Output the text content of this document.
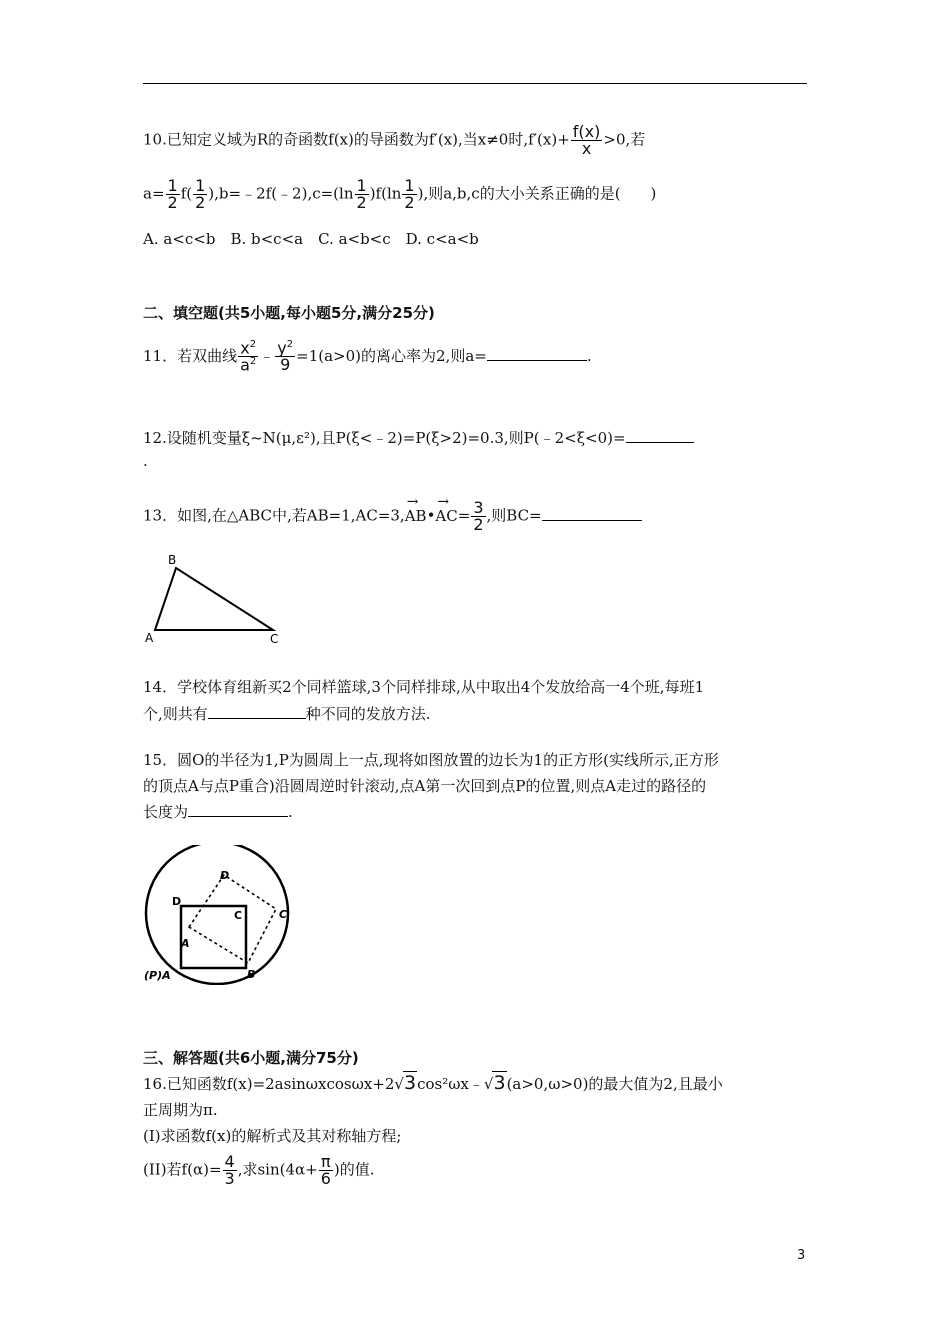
10.已知定义域为R的奇函数f(x)的导函数为f′(x),当x≠0时$,f'(x)+ \frac{f(x)}{x} >0$,若
$a= \frac{1}{2} f( \frac{1}{2}$ ),b=﹣2f(﹣2),c=(ln $\frac{1}{2} )f(\ln \frac{1}{2}$ ),则a,b,c的大小关系正确的是(　　)
A. a<c<b　B. b<c<a　C. a<b<c　D. c<a<b
二、填空题(共5小题,每小题5分,满分25分)
11．若双曲线 $\frac{x^2}{a^2}$ ﹣ $\frac{y^2}{9} =1(a>0)$的离心率为2,则a=	.
12.设随机变量ξ~N(μ,ε²),且P(ξ<﹣2)=P(ξ>2)=0.3,则P(﹣2<ξ<0)=
.
13．如图,在△ABC中,若AB=1,AC=3,→ AB•→ $AC= \frac{3}{2}$ ,则BC=
A
B
C
14．学校体育组新买2个同样篮球,3个同样排球,从中取出4个发放给高一4个班,每班1
个,则共有	种不同的发放方法.
15．圆O的半径为1,P为圆周上一点,现将如图放置的边长为1的正方形(实线所示,正方形
的顶点A与点P重合)沿圆周逆时针滚动,点A第一次回到点P的位置,则点A走过的路径的
长度为	.
D
C
D
C
A
(P)A	B
三、解答题(共6小题,满分75分)
16.已知函数f(x)=2asinωxcosωx+2√3cos²ωx﹣√3(a>0,ω>0)的最大值为2,且最小
正周期为π.
(I)求函数f(x)的解析式及其对称轴方程;
(II)若$f(\alpha)= \frac{4}{3}$ ,求$\sin(4\alpha+ \frac{\pi}{6}$ )的值.
3
